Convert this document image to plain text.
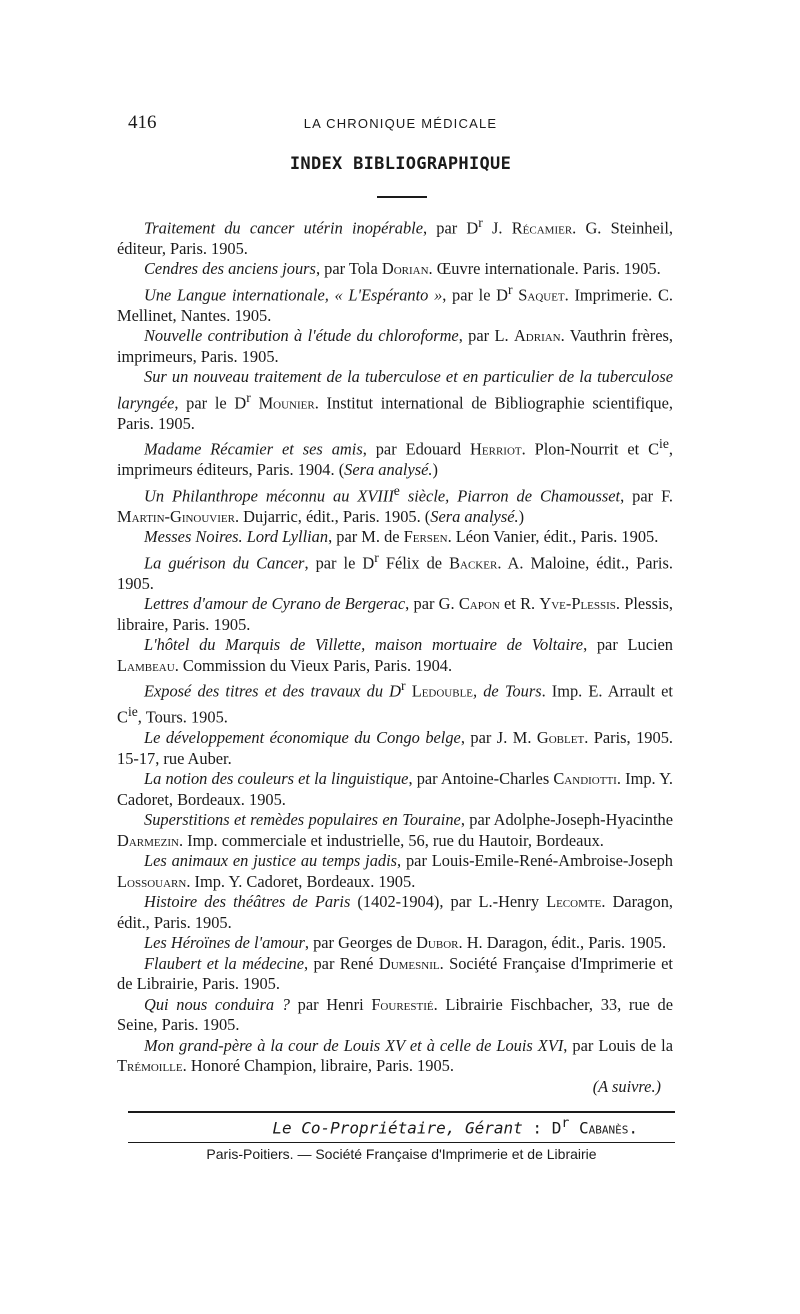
416	LA CHRONIQUE MÉDICALE
INDEX BIBLIOGRAPHIQUE

Traitement du cancer utérin inopérable, par $D^r$ J. Récamier. G. Steinheil, éditeur, Paris. 1905.

Cendres des anciens jours, par Tola Dorian. Œuvre internationale. Paris. 1905.

Une Langue internationale, « L'Espéranto », par le $D^r$ Saquet. Imprimerie. C. Mellinet, Nantes. 1905.

Nouvelle contribution à l'étude du chloroforme, par L. Adrian. Vauthrin frères, imprimeurs, Paris. 1905.

Sur un nouveau traitement de la tuberculose et en particulier de la tuberculose laryngée, par le $D^r$ Mounier. Institut international de Bibliographie scientifique, Paris. 1905.

Madame Récamier et ses amis, par Edouard Herriot. Plon-Nourrit et $C^{ie}$, imprimeurs éditeurs, Paris. 1904. (Sera analysé.)

Un Philanthrope méconnu au XVIIIe siècle, Piarron de Chamousset, par F. Martin-Ginouvier. Dujarric, édit., Paris. 1905. (Sera analysé.)

Messes Noires. Lord Lyllian, par M. de Fersen. Léon Vanier, édit., Paris. 1905.

La guérison du Cancer, par le $D^r$ Félix de Backer. A. Maloine, édit., Paris. 1905.

Lettres d'amour de Cyrano de Bergerac, par G. Capon et R. Yve-Plessis. Plessis, libraire, Paris. 1905.

L'hôtel du Marquis de Villette, maison mortuaire de Voltaire, par Lucien Lambeau. Commission du Vieux Paris, Paris. 1904.

Exposé des titres et des travaux du $D^r$ Ledouble, de Tours. Imp. E. Arrault et $C^{ie}$, Tours. 1905.

Le développement économique du Congo belge, par J. M. Goblet. Paris, 1905. 15-17, rue Auber.

La notion des couleurs et la linguistique, par Antoine-Charles Candiotti. Imp. Y. Cadoret, Bordeaux. 1905.

Superstitions et remèdes populaires en Touraine, par Adolphe-Joseph-Hyacinthe Darmezin. Imp. commerciale et industrielle, 56, rue du Hautoir, Bordeaux.

Les animaux en justice au temps jadis, par Louis-Emile-René-Ambroise-Joseph Lossouarn. Imp. Y. Cadoret, Bordeaux. 1905.

Histoire des théâtres de Paris (1402-1904), par L.-Henry Lecomte. Daragon, édit., Paris. 1905.

Les Héroïnes de l'amour, par Georges de Dubor. H. Daragon, édit., Paris. 1905.

Flaubert et la médecine, par René Dumesnil. Société Française d'Imprimerie et de Librairie, Paris. 1905.

Qui nous conduira ? par Henri Fourestié. Librairie Fischbacher, 33, rue de Seine, Paris. 1905.

Mon grand-père à la cour de Louis XV et à celle de Louis XVI, par Louis de la Trémoille. Honoré Champion, libraire, Paris. 1905.

(A suivre.)
Le Co-Propriétaire, Gérant : $D^r$ Cabanès.
Paris-Poitiers. — Société Française d'Imprimerie et de Librairie
